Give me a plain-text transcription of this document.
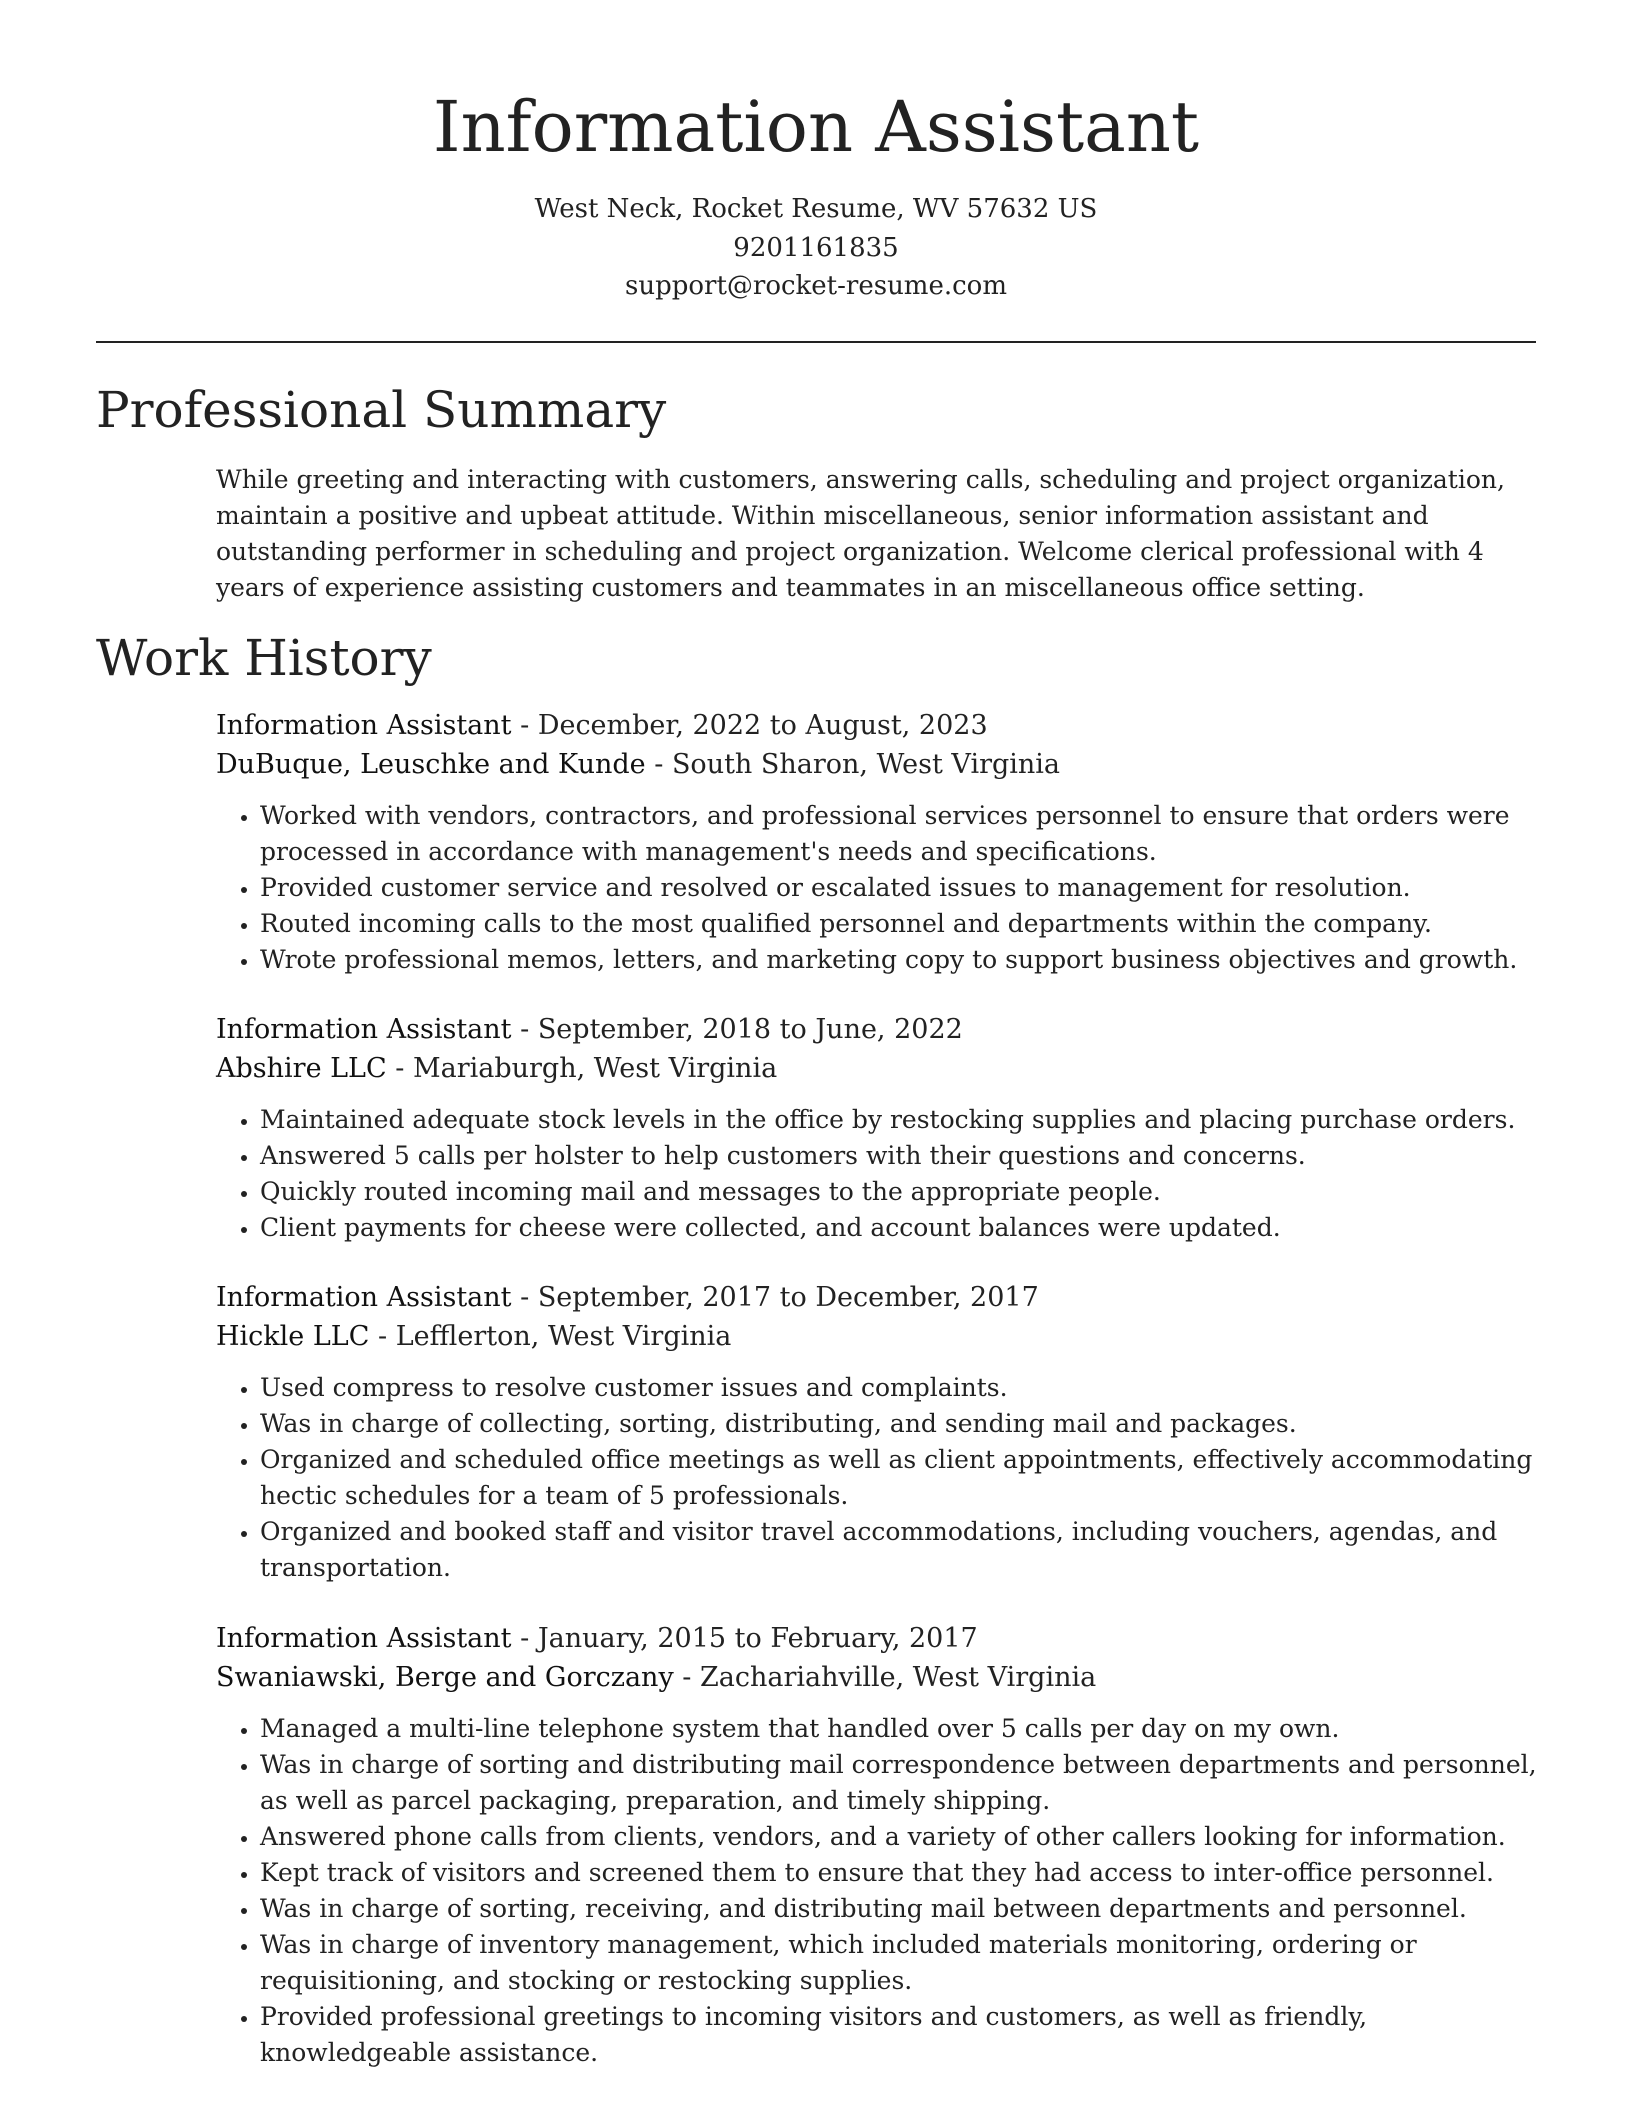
Information Assistant
West Neck, Rocket Resume, WV 57632 US
9201161835
support@rocket-resume.com
Professional Summary

While greeting and interacting with customers, answering calls, scheduling and project organization, maintain a positive and upbeat attitude. Within miscellaneous, senior information assistant and outstanding performer in scheduling and project organization. Welcome clerical professional with 4 years of experience assisting customers and teammates in an miscellaneous office setting.

Work History
Information Assistant - December, 2022 to August, 2023
DuBuque, Leuschke and Kunde - South Sharon, West Virginia
• Worked with vendors, contractors, and professional services personnel to ensure that orders were processed in accordance with management's needs and specifications.
• Provided customer service and resolved or escalated issues to management for resolution.
• Routed incoming calls to the most qualified personnel and departments within the company.
• Wrote professional memos, letters, and marketing copy to support business objectives and growth.
Information Assistant - September, 2018 to June, 2022
Abshire LLC - Mariaburgh, West Virginia
• Maintained adequate stock levels in the office by restocking supplies and placing purchase orders.
• Answered 5 calls per holster to help customers with their questions and concerns.
• Quickly routed incoming mail and messages to the appropriate people.
• Client payments for cheese were collected, and account balances were updated.
Information Assistant - September, 2017 to December, 2017
Hickle LLC - Lefflerton, West Virginia
• Used compress to resolve customer issues and complaints.
• Was in charge of collecting, sorting, distributing, and sending mail and packages.
• Organized and scheduled office meetings as well as client appointments, effectively accommodating hectic schedules for a team of 5 professionals.
• Organized and booked staff and visitor travel accommodations, including vouchers, agendas, and transportation.
Information Assistant - January, 2015 to February, 2017
Swaniawski, Berge and Gorczany - Zachariahville, West Virginia
• Managed a multi-line telephone system that handled over 5 calls per day on my own.
• Was in charge of sorting and distributing mail correspondence between departments and personnel, as well as parcel packaging, preparation, and timely shipping.
• Answered phone calls from clients, vendors, and a variety of other callers looking for information.
• Kept track of visitors and screened them to ensure that they had access to inter-office personnel.
• Was in charge of sorting, receiving, and distributing mail between departments and personnel.
• Was in charge of inventory management, which included materials monitoring, ordering or requisitioning, and stocking or restocking supplies.
• Provided professional greetings to incoming visitors and customers, as well as friendly, knowledgeable assistance.
